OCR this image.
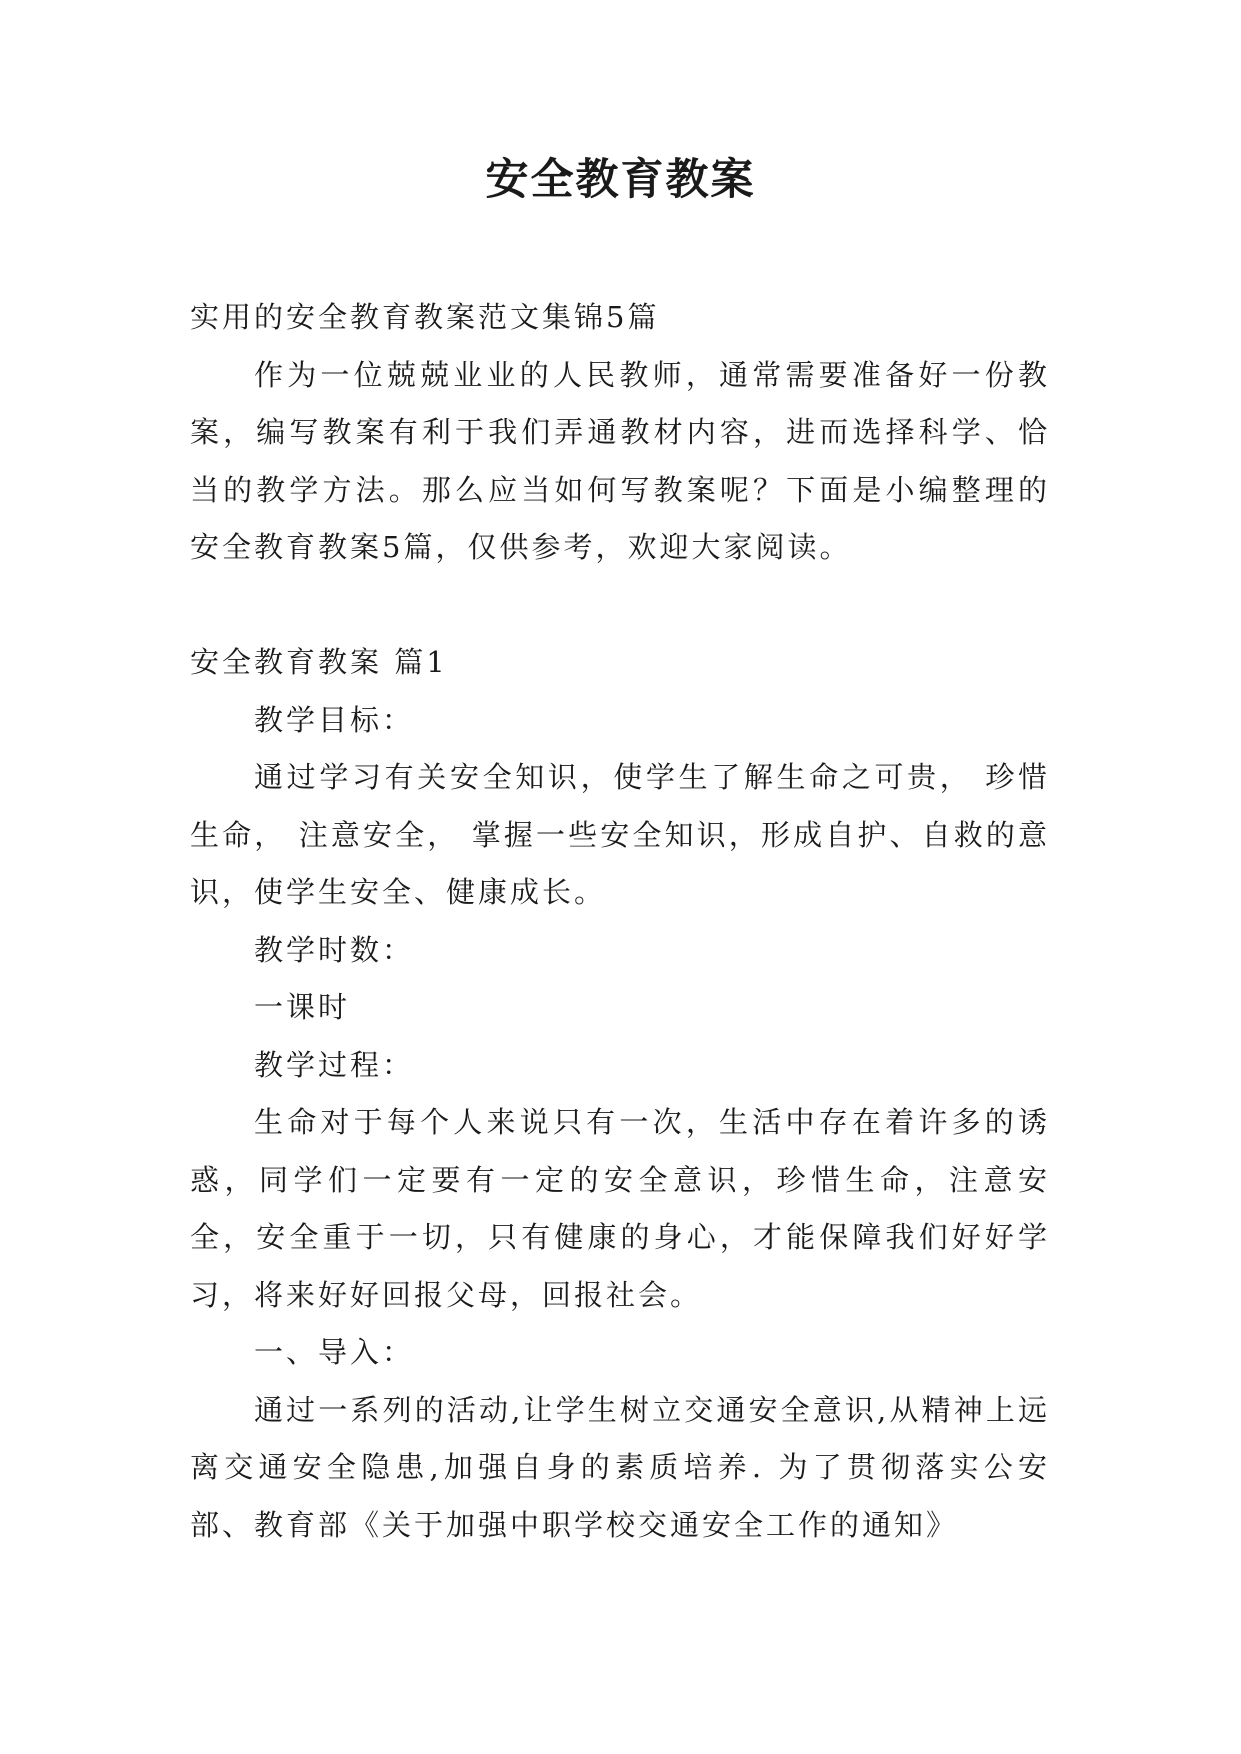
安全教育教案

实用的安全教育教案范文集锦5篇

作为一位兢兢业业的人民教师，通常需要准备好一份教案，编写教案有利于我们弄通教材内容，进而选择科学、恰当的教学方法。那么应当如何写教案呢？下面是小编整理的安全教育教案5篇，仅供参考，欢迎大家阅读。

安全教育教案 篇1

教学目标：

通过学习有关安全知识，使学生了解生命之可贵， 珍惜生命， 注意安全， 掌握一些安全知识，形成自护、自救的意识，使学生安全、健康成长。

教学时数：

一课时

教学过程：

生命对于每个人来说只有一次，生活中存在着许多的诱惑，同学们一定要有一定的安全意识，珍惜生命，注意安全，安全重于一切，只有健康的身心，才能保障我们好好学习，将来好好回报父母，回报社会。

一、导入：

通过一系列的活动,让学生树立交通安全意识,从精神上远离交通安全隐患,加强自身的素质培养. 为了贯彻落实公安部、教育部《关于加强中职学校交通安全工作的通知》
